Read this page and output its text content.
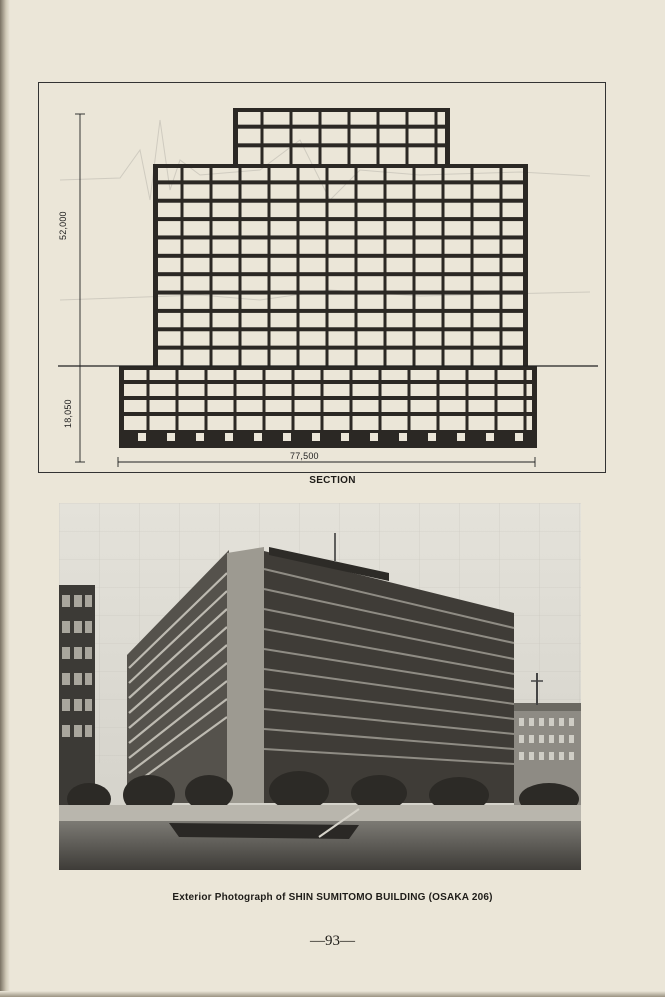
52,000
18,050
77,500
SECTION
Exterior Photograph of SHIN SUMITOMO BUILDING (OSAKA 206)
—93—
